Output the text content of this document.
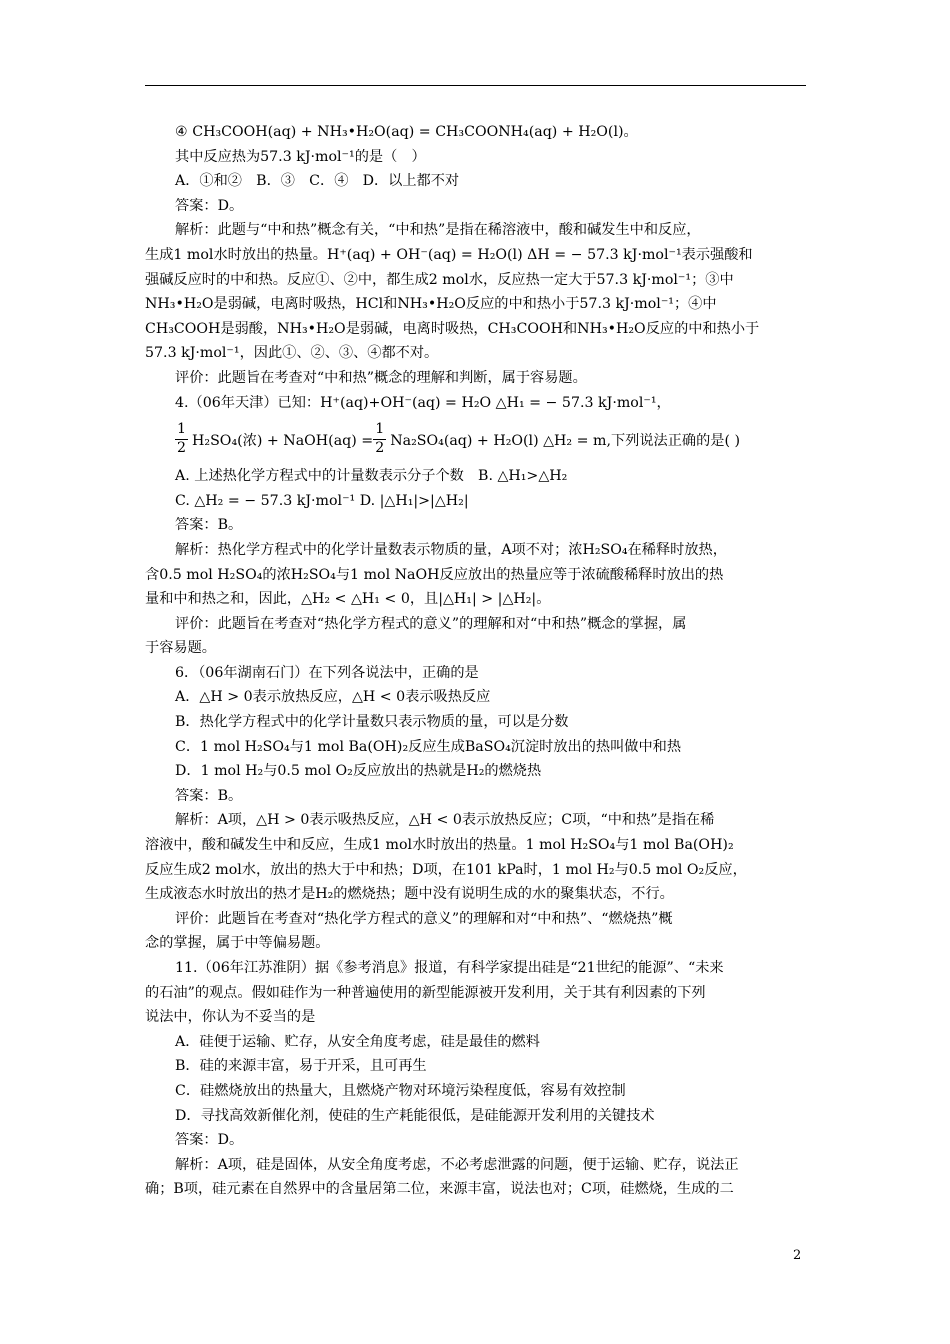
④ CH₃COOH(aq) + NH₃•H₂O(aq) = CH₃COONH₄(aq) + H₂O(l)。
其中反应热为57.3 kJ·mol⁻¹的是（　）
A．①和②　B．③　C．④　D．以上都不对
答案：D。
解析：此题与“中和热”概念有关，“中和热”是指在稀溶液中，酸和碱发生中和反应，
生成1 mol水时放出的热量。H⁺(aq) + OH⁻(aq) = H₂O(l) ΔH = − 57.3 kJ·mol⁻¹表示强酸和
强碱反应时的中和热。反应①、②中，都生成2 mol水，反应热一定大于57.3 kJ·mol⁻¹；③中
NH₃•H₂O是弱碱，电离时吸热，HCl和NH₃•H₂O反应的中和热小于57.3 kJ·mol⁻¹；④中
CH₃COOH是弱酸，NH₃•H₂O是弱碱，电离时吸热，CH₃COOH和NH₃•H₂O反应的中和热小于
57.3 kJ·mol⁻¹，因此①、②、③、④都不对。
评价：此题旨在考查对“中和热”概念的理解和判断，属于容易题。
4.（06年天津）已知：H⁺(aq)+OH⁻(aq) = H₂O △H₁ = − 57.3 kJ·mol⁻¹，
$\frac{1}{2} H_2SO_4$(浓) + NaOH(aq) = $\frac{1}{2} Na_2SO_4(aq) + H_2O(l)$ △H₂ = m,下列说法正确的是( )
A. 上述热化学方程式中的计量数表示分子个数　B. △H₁>△H₂
C. △H₂ = − 57.3 kJ·mol⁻¹ D. |△H₁|>|△H₂|
答案：B。
解析：热化学方程式中的化学计量数表示物质的量，A项不对；浓H₂SO₄在稀释时放热，
含0.5 mol H₂SO₄的浓H₂SO₄与1 mol NaOH反应放出的热量应等于浓硫酸稀释时放出的热
量和中和热之和，因此，△H₂ < △H₁ < 0，且|△H₁| > |△H₂|。
评价：此题旨在考查对“热化学方程式的意义”的理解和对“中和热”概念的掌握，属
于容易题。
6．（06年湖南石门）在下列各说法中，正确的是
A．△H > 0表示放热反应，△H < 0表示吸热反应
B．热化学方程式中的化学计量数只表示物质的量，可以是分数
C．1 mol H₂SO₄与1 mol Ba(OH)₂反应生成BaSO₄沉淀时放出的热叫做中和热
D．1 mol H₂与0.5 mol O₂反应放出的热就是H₂的燃烧热
答案：B。
解析：A项，△H > 0表示吸热反应，△H < 0表示放热反应；C项，“中和热”是指在稀
溶液中，酸和碱发生中和反应，生成1 mol水时放出的热量。1 mol H₂SO₄与1 mol Ba(OH)₂
反应生成2 mol水，放出的热大于中和热；D项，在101 kPa时，1 mol H₂与0.5 mol O₂反应，
生成液态水时放出的热才是H₂的燃烧热；题中没有说明生成的水的聚集状态，不行。
评价：此题旨在考查对“热化学方程式的意义”的理解和对“中和热”、“燃烧热”概
念的掌握，属于中等偏易题。
11.（06年江苏淮阴）据《参考消息》报道，有科学家提出硅是“21世纪的能源”、“未来
的石油”的观点。假如硅作为一种普遍使用的新型能源被开发利用，关于其有利因素的下列
说法中，你认为不妥当的是
A．硅便于运输、贮存，从安全角度考虑，硅是最佳的燃料
B．硅的来源丰富，易于开采，且可再生
C．硅燃烧放出的热量大，且燃烧产物对环境污染程度低，容易有效控制
D．寻找高效新催化剂，使硅的生产耗能很低，是硅能源开发利用的关键技术
答案：D。
解析：A项，硅是固体，从安全角度考虑，不必考虑泄露的问题，便于运输、贮存，说法正
确；B项，硅元素在自然界中的含量居第二位，来源丰富，说法也对；C项，硅燃烧，生成的二
2
